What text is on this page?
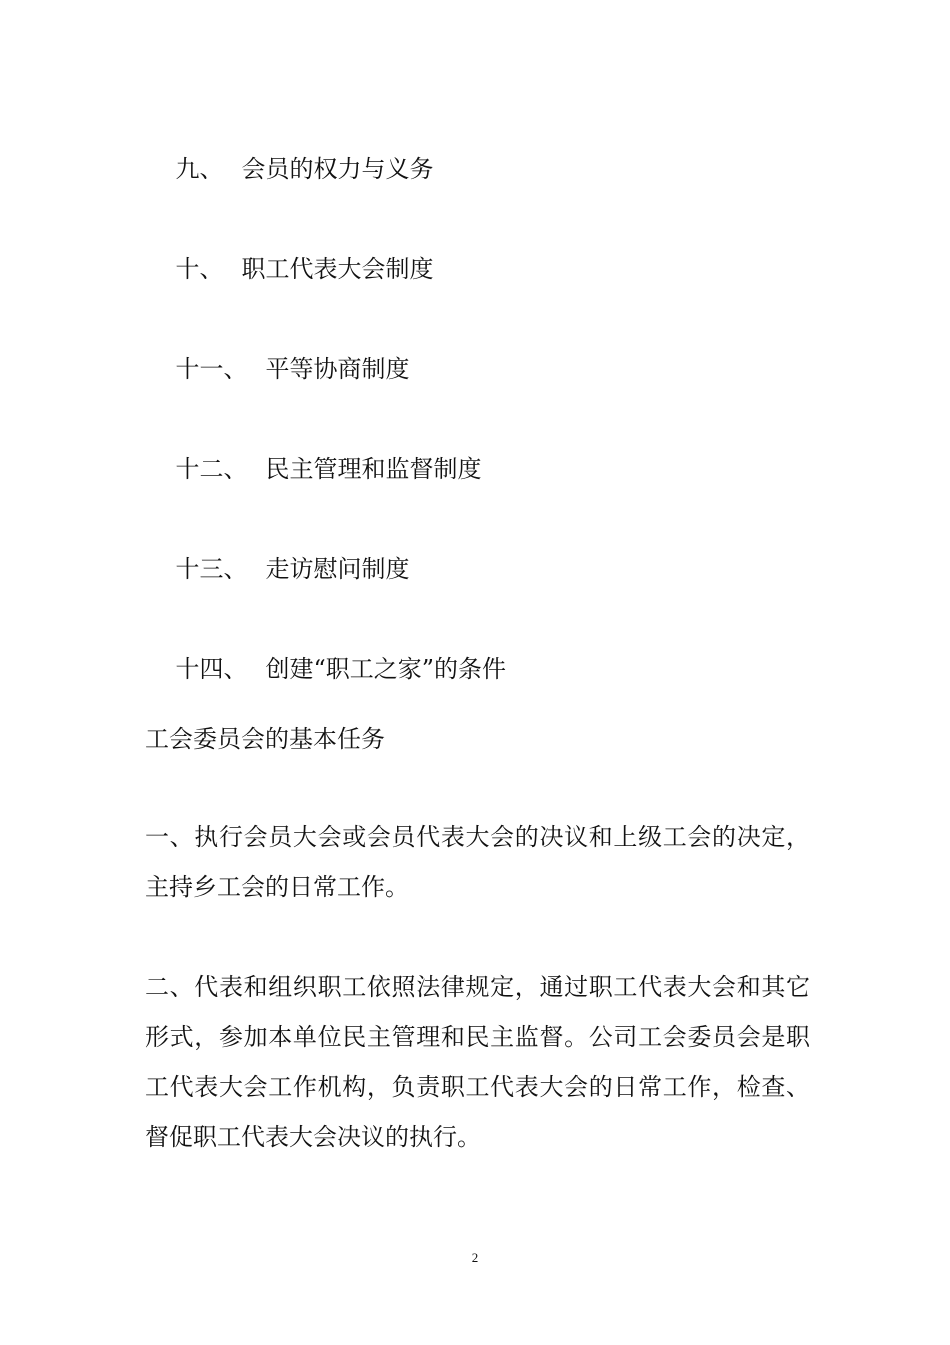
九、 会员的权力与义务

十、 职工代表大会制度

十一、 平等协商制度

十二、 民主管理和监督制度

十三、 走访慰问制度

十四、 创建“职工之家”的条件

工会委员会的基本任务

一、执行会员大会或会员代表大会的决议和上级工会的决定，主持乡工会的日常工作。

二、代表和组织职工依照法律规定，通过职工代表大会和其它形式，参加本单位民主管理和民主监督。公司工会委员会是职工代表大会工作机构，负责职工代表大会的日常工作，检查、督促职工代表大会决议的执行。

2
